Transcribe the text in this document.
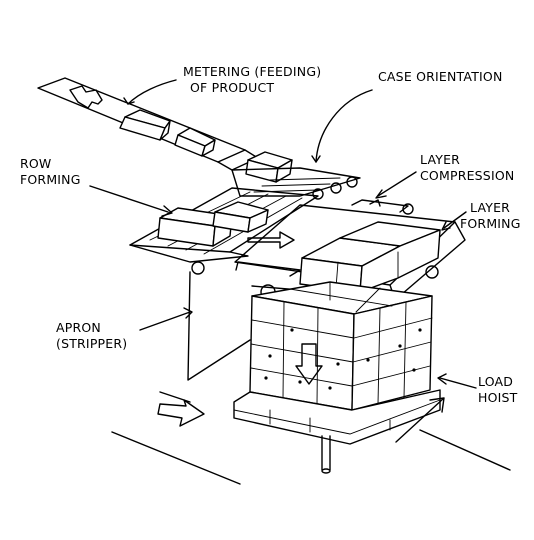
METERING (FEEDING)
OF PRODUCT
CASE ORIENTATION
ROW
FORMING
LAYER
COMPRESSION
LAYER
FORMING
APRON
(STRIPPER)
LOAD
HOIST
